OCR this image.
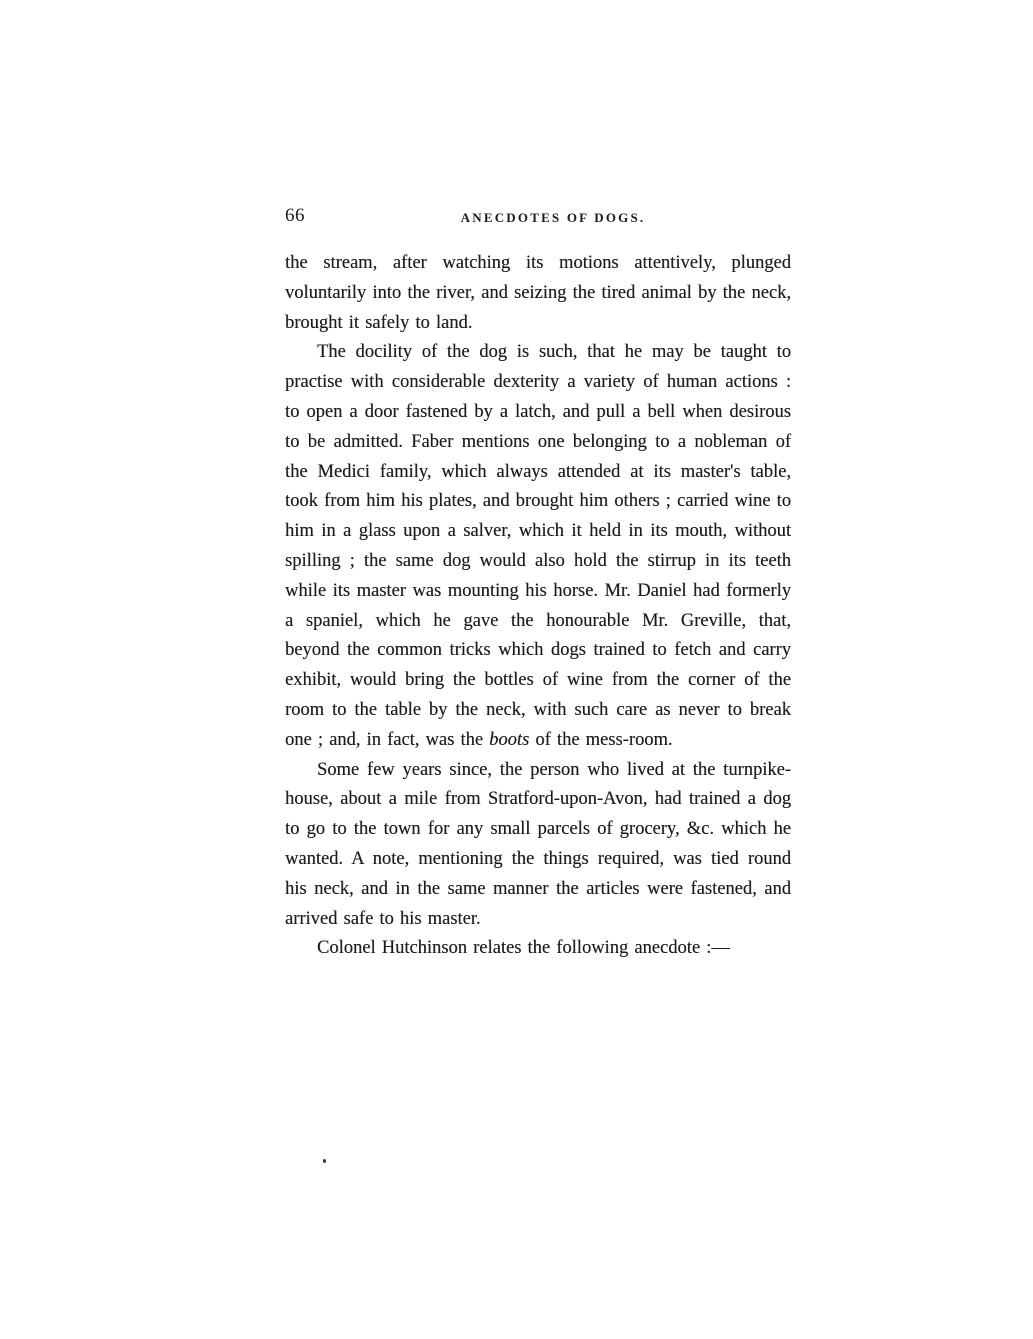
66	ANECDOTES OF DOGS.

the stream, after watching its motions attentively, plunged voluntarily into the river, and seizing the tired animal by the neck, brought it safely to land.

The docility of the dog is such, that he may be taught to practise with considerable dexterity a variety of human actions : to open a door fastened by a latch, and pull a bell when desirous to be admitted. Faber mentions one belonging to a nobleman of the Medici family, which always attended at its master's table, took from him his plates, and brought him others ; carried wine to him in a glass upon a salver, which it held in its mouth, without spilling ; the same dog would also hold the stirrup in its teeth while its master was mounting his horse. Mr. Daniel had formerly a spaniel, which he gave the honourable Mr. Greville, that, beyond the common tricks which dogs trained to fetch and carry exhibit, would bring the bottles of wine from the corner of the room to the table by the neck, with such care as never to break one ; and, in fact, was the boots of the mess-room.

Some few years since, the person who lived at the turnpike-house, about a mile from Stratford-upon-Avon, had trained a dog to go to the town for any small parcels of grocery, &c. which he wanted. A note, mentioning the things required, was tied round his neck, and in the same manner the articles were fastened, and arrived safe to his master.

Colonel Hutchinson relates the following anecdote :—
